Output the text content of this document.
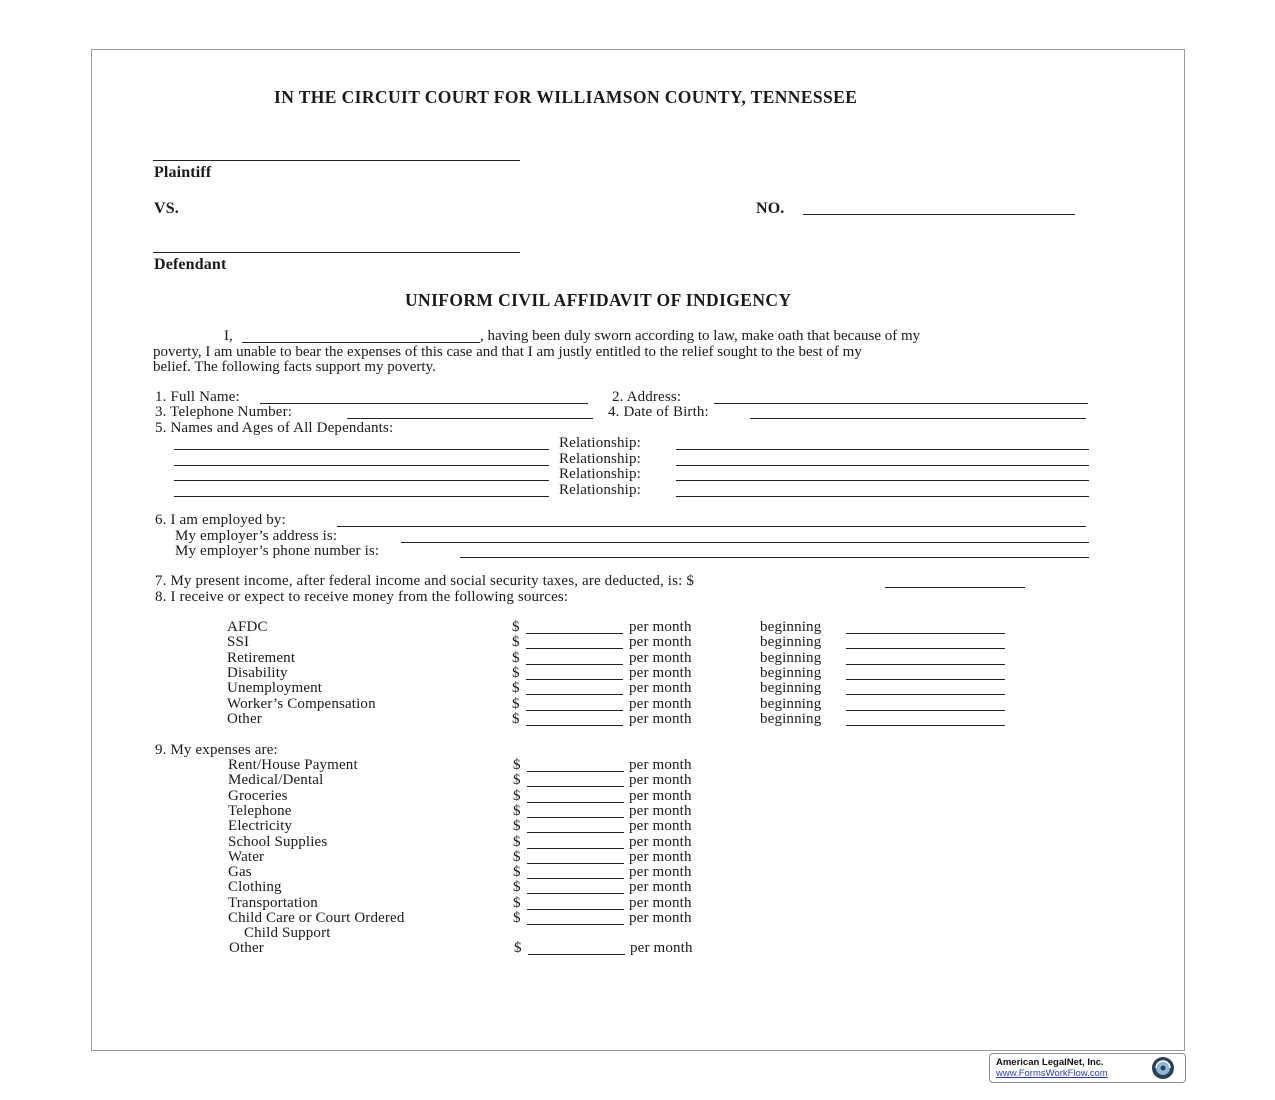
IN THE CIRCUIT COURT FOR WILLIAMSON COUNTY, TENNESSEE
Plaintiff
VS.	NO.
Defendant
UNIFORM CIVIL AFFIDAVIT OF INDIGENCY
I,	, having been duly sworn according to law, make oath that because of my
poverty, I am unable to bear the expenses of this case and that I am justly entitled to the relief sought to the best of my
belief. The following facts support my poverty.
1. Full Name:	2. Address:
3. Telephone Number:	4. Date of Birth:
5. Names and Ages of All Dependants:
Relationship:
Relationship:
Relationship:
Relationship:
6. I am employed by:
My employer’s address is:
My employer’s phone number is:
7. My present income, after federal income and social security taxes, are deducted, is: $
8. I receive or expect to receive money from the following sources:
AFDC	$	per month	beginning
SSI	$	per month	beginning
Retirement	$	per month	beginning
Disability	$	per month	beginning
Unemployment	$	per month	beginning
Worker’s Compensation	$	per month	beginning
Other	$	per month	beginning
9. My expenses are:
Rent/House Payment	$	per month
Medical/Dental	$	per month
Groceries	$	per month
Telephone	$	per month
Electricity	$	per month
School Supplies	$	per month
Water	$	per month
Gas	$	per month
Clothing	$	per month
Transportation	$	per month
Child Care or Court Ordered	$	per month
Other	$	per month
Child Support
American LegalNet, Inc.
www.FormsWorkFlow.com
